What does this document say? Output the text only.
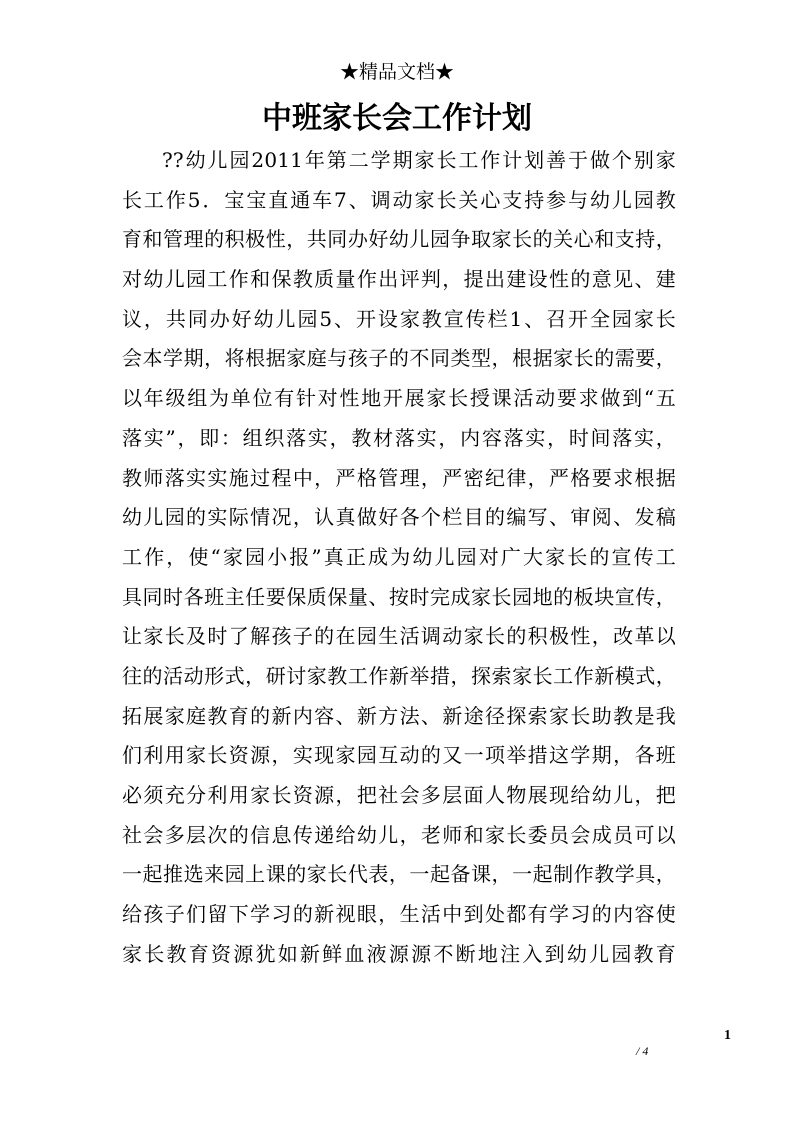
★精品文档★
中班家长会工作计划
??幼儿园2011年第二学期家长工作计划善于做个别家
长工作5．宝宝直通车7、调动家长关心支持参与幼儿园教
育和管理的积极性，共同办好幼儿园争取家长的关心和支持，
对幼儿园工作和保教质量作出评判，提出建设性的意见、建
议，共同办好幼儿园5、开设家教宣传栏1、召开全园家长
会本学期，将根据家庭与孩子的不同类型，根据家长的需要，
以年级组为单位有针对性地开展家长授课活动要求做到“五
落实”，即：组织落实，教材落实，内容落实，时间落实，
教师落实实施过程中，严格管理，严密纪律，严格要求根据
幼儿园的实际情况，认真做好各个栏目的编写、审阅、发稿
工作，使“家园小报”真正成为幼儿园对广大家长的宣传工
具同时各班主任要保质保量、按时完成家长园地的板块宣传，
让家长及时了解孩子的在园生活调动家长的积极性，改革以
往的活动形式，研讨家教工作新举措，探索家长工作新模式，
拓展家庭教育的新内容、新方法、新途径探索家长助教是我
们利用家长资源，实现家园互动的又一项举措这学期，各班
必须充分利用家长资源，把社会多层面人物展现给幼儿，把
社会多层次的信息传递给幼儿，老师和家长委员会成员可以
一起推选来园上课的家长代表，一起备课，一起制作教学具，
给孩子们留下学习的新视眼，生活中到处都有学习的内容使
家长教育资源犹如新鲜血液源源不断地注入到幼儿园教育
1
/ 4
